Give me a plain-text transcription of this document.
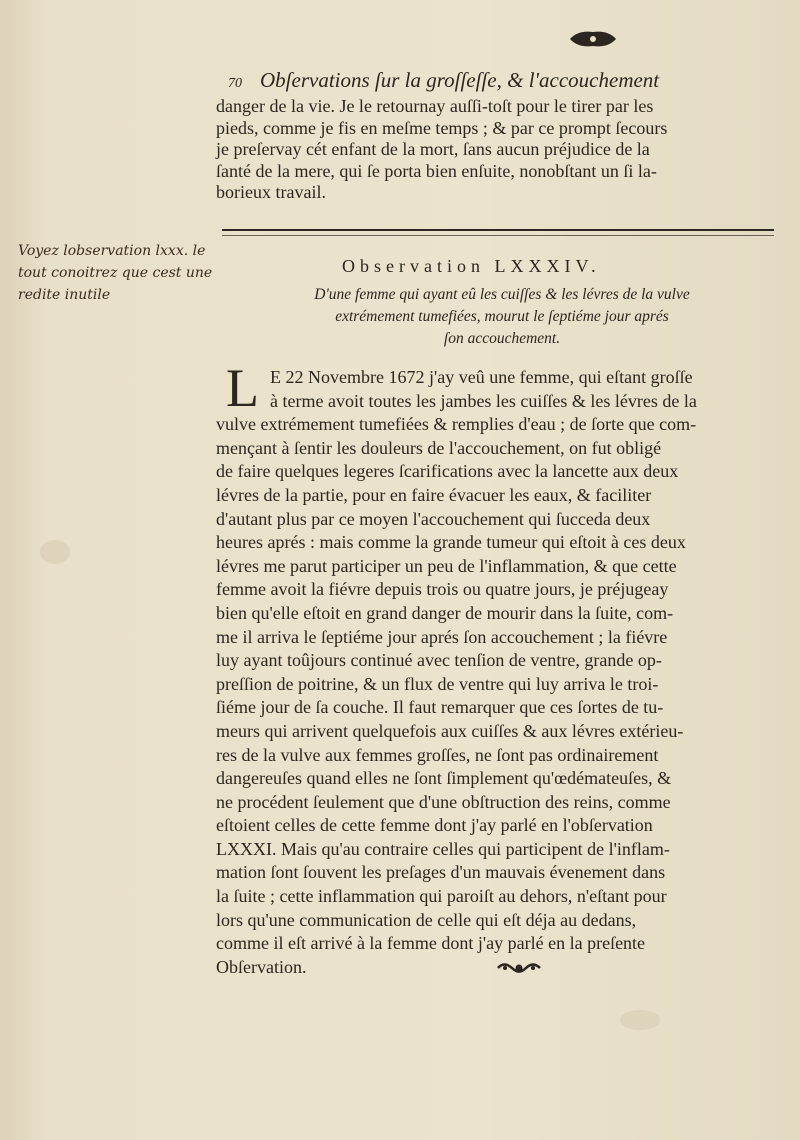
70 Obſervations ſur la groſſeſſe, & l'accouchement
danger de la vie. Je le retournay auſſi-toſt pour le tirer par les
pieds, comme je fis en meſme temps ; & par ce prompt ſecours
je preſervay cét enfant de la mort, ſans aucun préjudice de la
ſanté de la mere, qui ſe porta bien enſuite, nonobſtant un ſi la-
borieux travail.
Voyez lobservation lxxx. le
tout conoitrez que cest une
redite inutile
Observation LXXXIV.
D'une femme qui ayant eû les cuiſſes & les lévres de la vulve
extrémement tumefiées, mourut le ſeptiéme jour aprés
ſon accouchement.
L E 22 Novembre 1672 j'ay veû une femme, qui eſtant groſſe
à terme avoit toutes les jambes les cuiſſes & les lévres de la
vulve extrémement tumefiées & remplies d'eau ; de ſorte que com-
mençant à ſentir les douleurs de l'accouchement, on fut obligé
de faire quelques legeres ſcarifications avec la lancette aux deux
lévres de la partie, pour en faire évacuer les eaux, & faciliter
d'autant plus par ce moyen l'accouchement qui ſucceda deux
heures aprés : mais comme la grande tumeur qui eſtoit à ces deux
lévres me parut participer un peu de l'inflammation, & que cette
femme avoit la fiévre depuis trois ou quatre jours, je préjugeay
bien qu'elle eſtoit en grand danger de mourir dans la ſuite, com-
me il arriva le ſeptiéme jour aprés ſon accouchement ; la fiévre
luy ayant toûjours continué avec tenſion de ventre, grande op-
preſſion de poitrine, & un flux de ventre qui luy arriva le troi-
ſiéme jour de ſa couche. Il faut remarquer que ces ſortes de tu-
meurs qui arrivent quelquefois aux cuiſſes & aux lévres extérieu-
res de la vulve aux femmes groſſes, ne ſont pas ordinairement
dangereuſes quand elles ne ſont ſimplement qu'œdémateuſes, &
ne procédent ſeulement que d'une obſtruction des reins, comme
eſtoient celles de cette femme dont j'ay parlé en l'obſervation
LXXXI. Mais qu'au contraire celles qui participent de l'inflam-
mation ſont ſouvent les preſages d'un mauvais évenement dans
la ſuite ; cette inflammation qui paroiſt au dehors, n'eſtant pour
lors qu'une communication de celle qui eſt déja au dedans,
comme il eſt arrivé à la femme dont j'ay parlé en la preſente
Obſervation.
